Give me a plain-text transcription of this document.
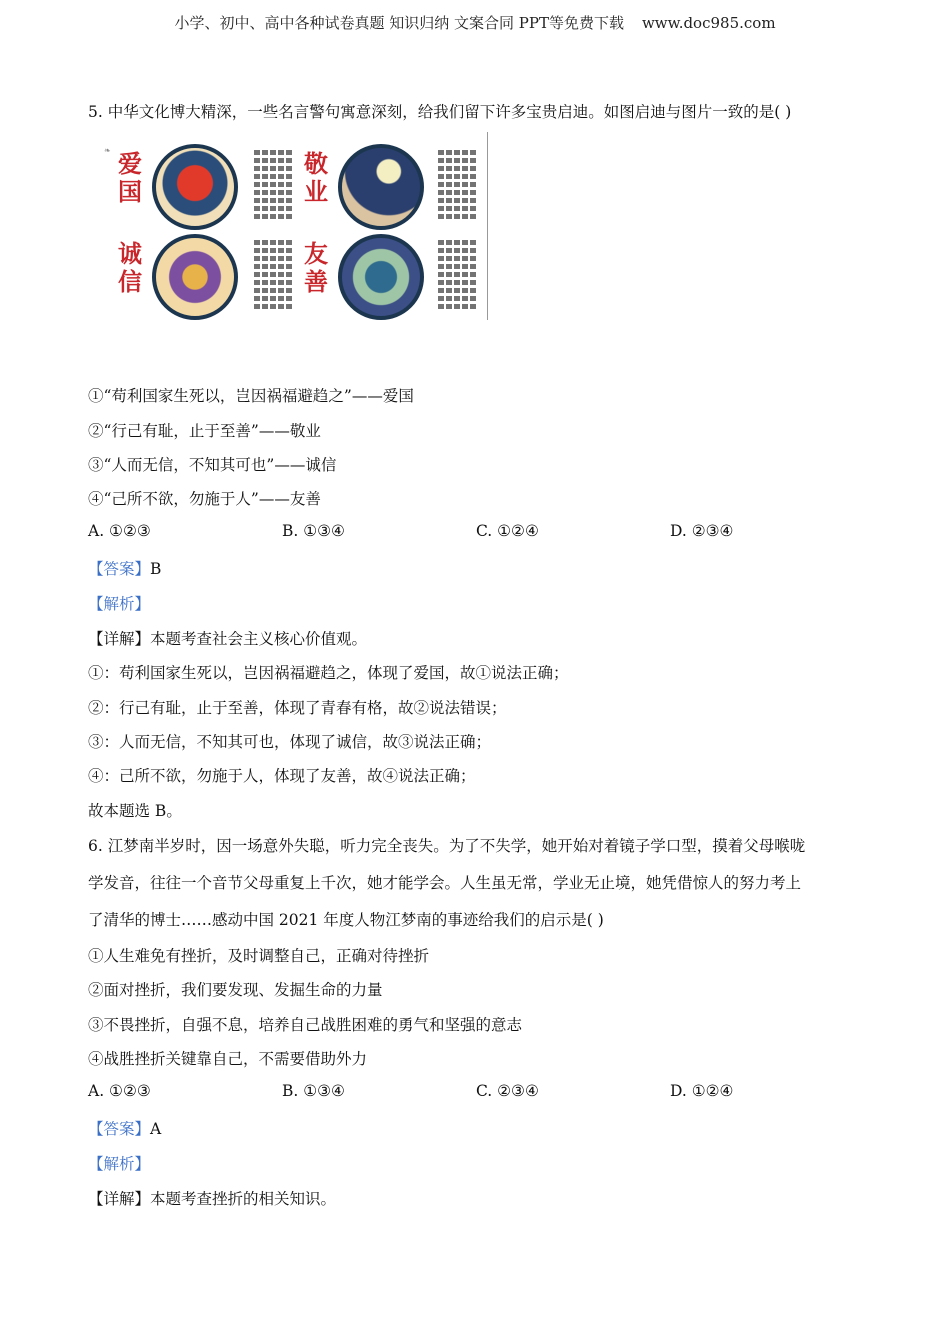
小学、初中、高中各种试卷真题 知识归纳 文案合同 PPT等免费下载 www.doc985.com
5. 中华文化博大精深，一些名言警句寓意深刻，给我们留下许多宝贵启迪。如图启迪与图片一致的是( )
❧ 爱
国
敬
业
诚
信
友
善
①“苟利国家生死以，岂因祸福避趋之”——爱国
②“行己有耻，止于至善”——敬业
③“人而无信，不知其可也”——诚信
④“己所不欲，勿施于人”——友善
A. ①②③	B. ①③④	C. ①②④	D. ②③④
【答案】B
【解析】
【详解】本题考查社会主义核心价值观。
①：苟利国家生死以，岂因祸福避趋之，体现了爱国，故①说法正确；
②：行己有耻，止于至善，体现了青春有格，故②说法错误；
③：人而无信，不知其可也，体现了诚信，故③说法正确；
④：己所不欲，勿施于人，体现了友善，故④说法正确；
故本题选 B。
6. 江梦南半岁时，因一场意外失聪，听力完全丧失。为了不失学，她开始对着镜子学口型，摸着父母喉咙
学发音，往往一个音节父母重复上千次，她才能学会。人生虽无常，学业无止境，她凭借惊人的努力考上
了清华的博士……感动中国 2021 年度人物江梦南的事迹给我们的启示是( )
①人生难免有挫折，及时调整自己，正确对待挫折
②面对挫折，我们要发现、发掘生命的力量
③不畏挫折，自强不息，培养自己战胜困难的勇气和坚强的意志
④战胜挫折关键靠自己，不需要借助外力
A. ①②③	B. ①③④	C. ②③④	D. ①②④
【答案】A
【解析】
【详解】本题考查挫折的相关知识。
